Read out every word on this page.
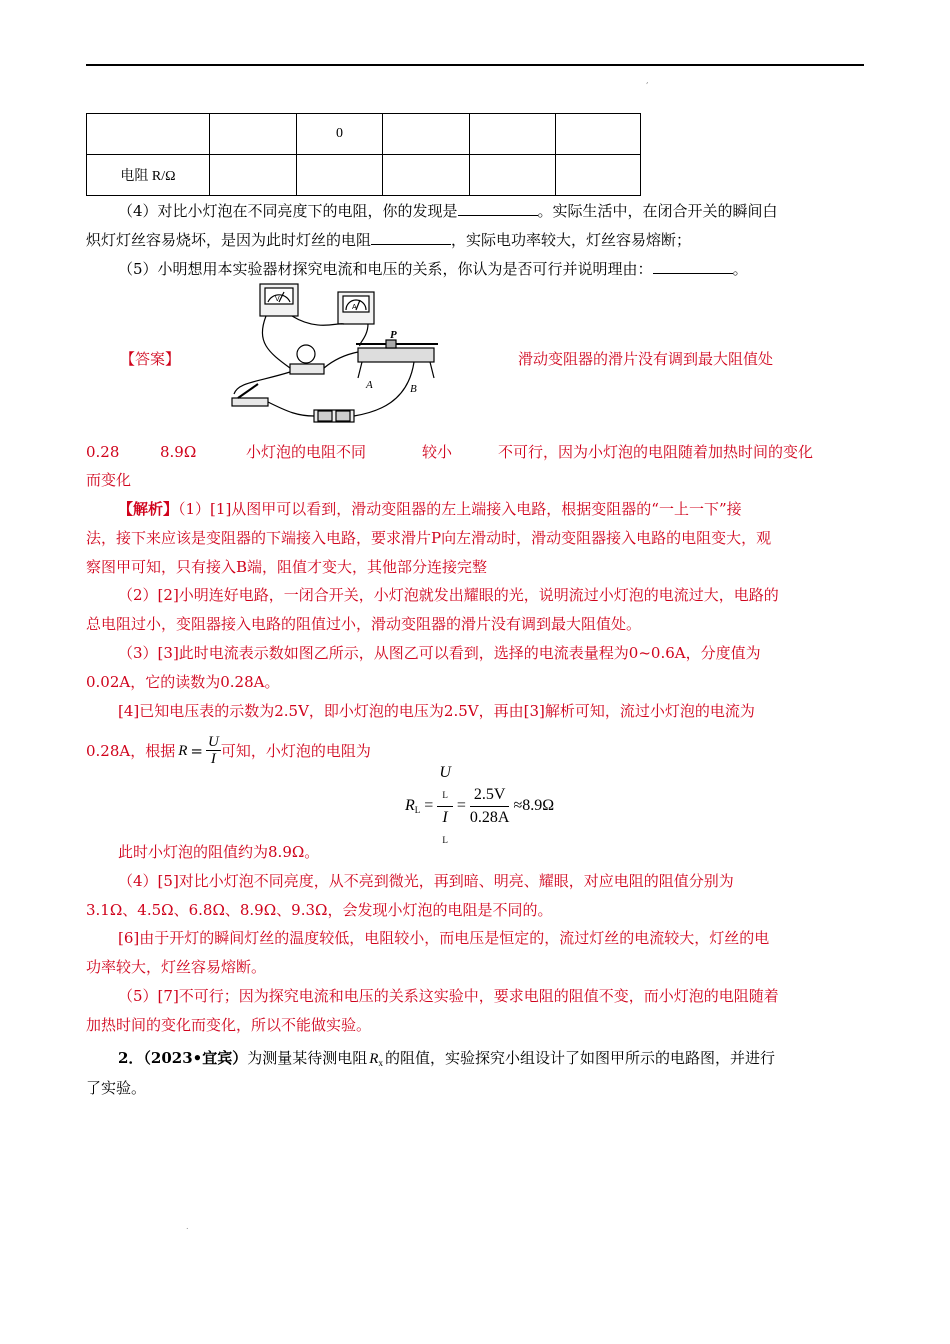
,
.
		0			
电阻 R/Ω					
（4）对比小灯泡在不同亮度下的电阻，你的发现是	。实际生活中，在闭合开关的瞬间白
炽灯灯丝容易烧坏，是因为此时灯丝的电阻	，实际电功率较大，灯丝容易熔断；
（5）小明想用本实验器材探究电流和电压的关系，你认为是否可行并说明理由：	。
P
A	B
V
A
【答案】	滑动变阻器的滑片没有调到最大阻值处
0.28	8.9Ω	小灯泡的电阻不同	较小	不可行，因为小灯泡的电阻随着加热时间的变化
而变化
【解析】（1）[1]从图甲可以看到，滑动变阻器的左上端接入电路，根据变阻器的“一上一下”接
法，接下来应该是变阻器的下端接入电路，要求滑片P向左滑动时，滑动变阻器接入电路的电阻变大，观
察图甲可知，只有接入B端，阻值才变大，其他部分连接完整
（2）[2]小明连好电路，一闭合开关，小灯泡就发出耀眼的光，说明流过小灯泡的电流过大，电路的
总电阻过小，变阻器接入电路的阻值过小，滑动变阻器的滑片没有调到最大阻值处。
（3）[3]此时电流表示数如图乙所示，从图乙可以看到，选择的电流表量程为0~0.6A，分度值为
0.02A，它的读数为0.28A。
[4]已知电压表的示数为2.5V，即小灯泡的电压为2.5V，再由[3]解析可知，流过小灯泡的电流为
0.28A，根据 $R = \frac{U}{I}$ 可知，小灯泡的电阻为
RL = U
L
I
$L = \frac{2.5V}{0.28A} \approx 8.9\Omega$
此时小灯泡的阻值约为8.9Ω。
（4）[5]对比小灯泡不同亮度，从不亮到微光，再到暗、明亮、耀眼，对应电阻的阻值分别为
3.1Ω、4.5Ω、6.8Ω、8.9Ω、9.3Ω，会发现小灯泡的电阻是不同的。
[6]由于开灯的瞬间灯丝的温度较低，电阻较小，而电压是恒定的，流过灯丝的电流较大，灯丝的电
功率较大，灯丝容易熔断。
（5）[7]不可行；因为探究电流和电压的关系这实验中，要求电阻的阻值不变，而小灯泡的电阻随着
加热时间的变化而变化，所以不能做实验。
2．（2023•宜宾）为测量某待测电阻 $R_x$ 的阻值，实验探究小组设计了如图甲所示的电路图，并进行
了实验。
